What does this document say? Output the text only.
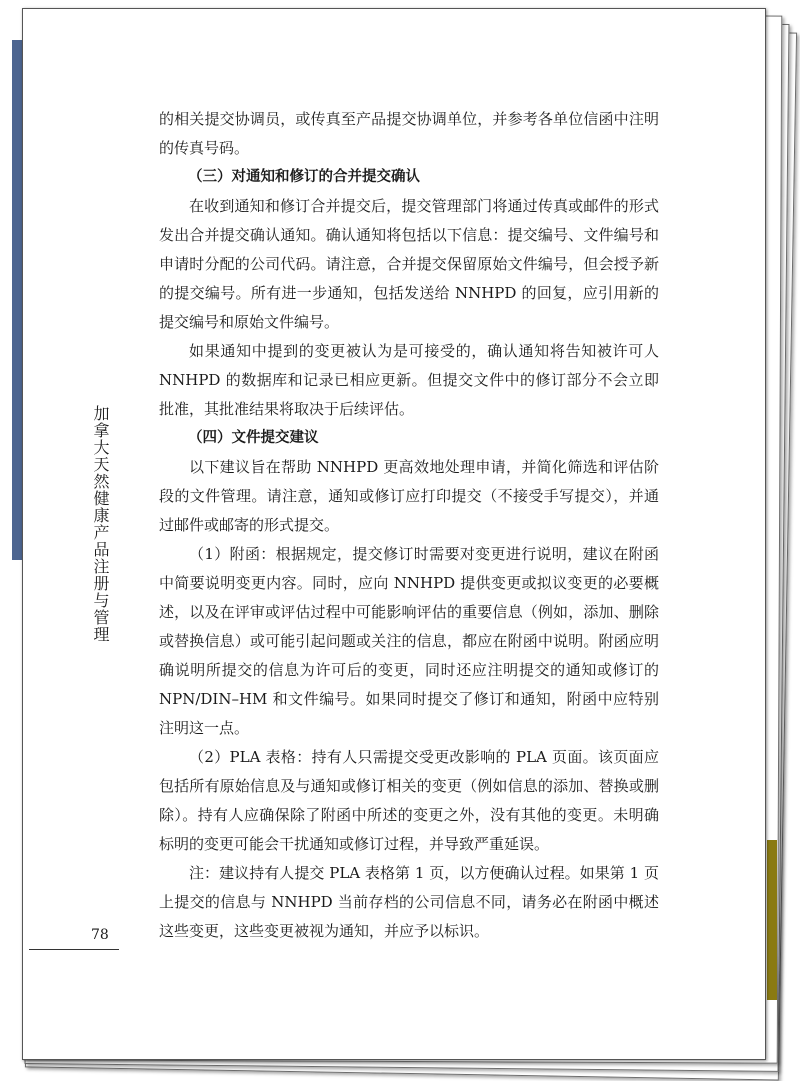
加拿大天然健康产品注册与管理
78

的相关提交协调员，或传真至产品提交协调单位，并参考各单位信函中注明的传真号码。

（三）对通知和修订的合并提交确认

在收到通知和修订合并提交后，提交管理部门将通过传真或邮件的形式发出合并提交确认通知。确认通知将包括以下信息：提交编号、文件编号和申请时分配的公司代码。请注意，合并提交保留原始文件编号，但会授予新的提交编号。所有进一步通知，包括发送给 NNHPD 的回复，应引用新的提交编号和原始文件编号。

如果通知中提到的变更被认为是可接受的，确认通知将告知被许可人 NNHPD 的数据库和记录已相应更新。但提交文件中的修订部分不会立即批准，其批准结果将取决于后续评估。

（四）文件提交建议

以下建议旨在帮助 NNHPD 更高效地处理申请，并简化筛选和评估阶段的文件管理。请注意，通知或修订应打印提交（不接受手写提交），并通过邮件或邮寄的形式提交。

（1）附函：根据规定，提交修订时需要对变更进行说明，建议在附函中简要说明变更内容。同时，应向 NNHPD 提供变更或拟议变更的必要概述，以及在评审或评估过程中可能影响评估的重要信息（例如，添加、删除或替换信息）或可能引起问题或关注的信息，都应在附函中说明。附函应明确说明所提交的信息为许可后的变更，同时还应注明提交的通知或修订的 NPN/DIN–HM 和文件编号。如果同时提交了修订和通知，附函中应特别注明这一点。

（2）PLA 表格：持有人只需提交受更改影响的 PLA 页面。该页面应包括所有原始信息及与通知或修订相关的变更（例如信息的添加、替换或删除）。持有人应确保除了附函中所述的变更之外，没有其他的变更。未明确标明的变更可能会干扰通知或修订过程，并导致严重延误。

注：建议持有人提交 PLA 表格第 1 页，以方便确认过程。如果第 1 页上提交的信息与 NNHPD 当前存档的公司信息不同，请务必在附函中概述这些变更，这些变更被视为通知，并应予以标识。
